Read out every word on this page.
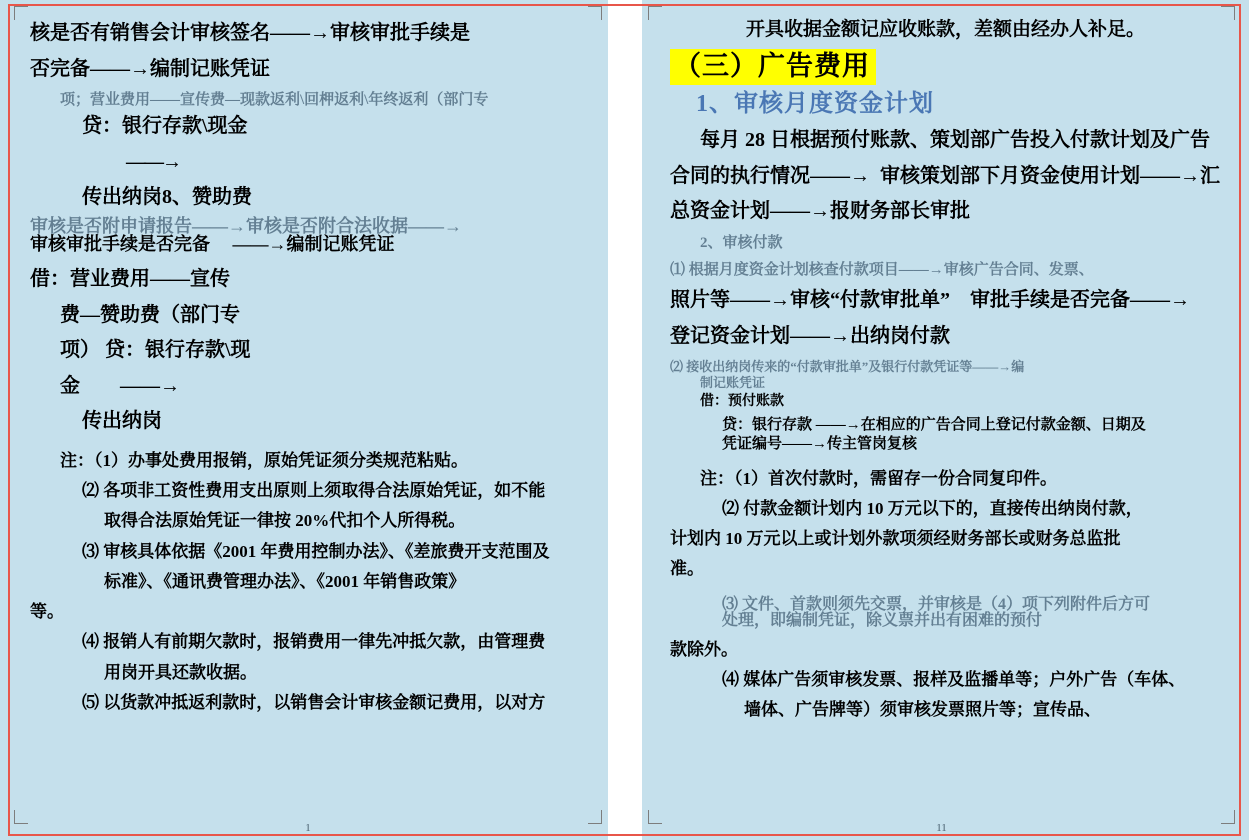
核是否有销售会计审核签名——→审核审批手续是
否完备——→编制记账凭证
项；营业费用——宣传费—现款返利\回柙返利\年终返利（部门专
贷：银行存款\现金
——→
传出纳岗8、赞助费
审核是否附申请报告——→审核是否附合法收据——→
审核审批手续是否完备     ——→编制记账凭证
借：营业费用——宣传
费—赞助费（部门专
项） 贷：银行存款\现
金        ——→
传出纳岗
注：（1）办事处费用报销，原始凭证须分类规范粘贴。
⑵ 各项非工资性费用支出原则上须取得合法原始凭证，如不能
取得合法原始凭证一律按 20%代扣个人所得税。
⑶ 审核具体依据《2001 年费用控制办法》、《差旅费开支范围及
标准》、《通讯费管理办法》、《2001 年销售政策》
等。
⑷ 报销人有前期欠款时，报销费用一律先冲抵欠款，由管理费
用岗开具还款收据。
⑸ 以货款冲抵返利款时，以销售会计审核金额记费用，以对方
1
开具收据金额记应收账款，差额由经办人补足。
（三）广告费用
1、审核月度资金计划
每月 28 日根据预付账款、策划部广告投入付款计划及广告
合同的执行情况——→  审核策划部下月资金使用计划——→汇
总资金计划——→报财务部长审批
2、审核付款
⑴ 根据月度资金计划核查付款项目——→审核广告合同、发票、
照片等——→审核“付款审批单”    审批手续是否完备——→
登记资金计划——→出纳岗付款
⑵ 接收出纳岗传来的“付款审批单”及银行付款凭证等——→编
制记账凭证
借：预付账款
贷：银行存款 ——→在相应的广告合同上登记付款金额、日期及
凭证编号——→传主管岗复核
注：（1）首次付款时，需留存一份合同复印件。
⑵ 付款金额计划内 10 万元以下的，直接传出纳岗付款，
计划内 10 万元以上或计划外款项须经财务部长或财务总监批
准。
⑶ 文件、首款则须先交票，并审核是（4）项下列附件后方可
处理，即编制凭证，除义票并出有困难的预付
款除外。
⑷ 媒体广告须审核发票、报样及监播单等；户外广告（车体、
墙体、广告牌等）须审核发票照片等；宣传品、
11
